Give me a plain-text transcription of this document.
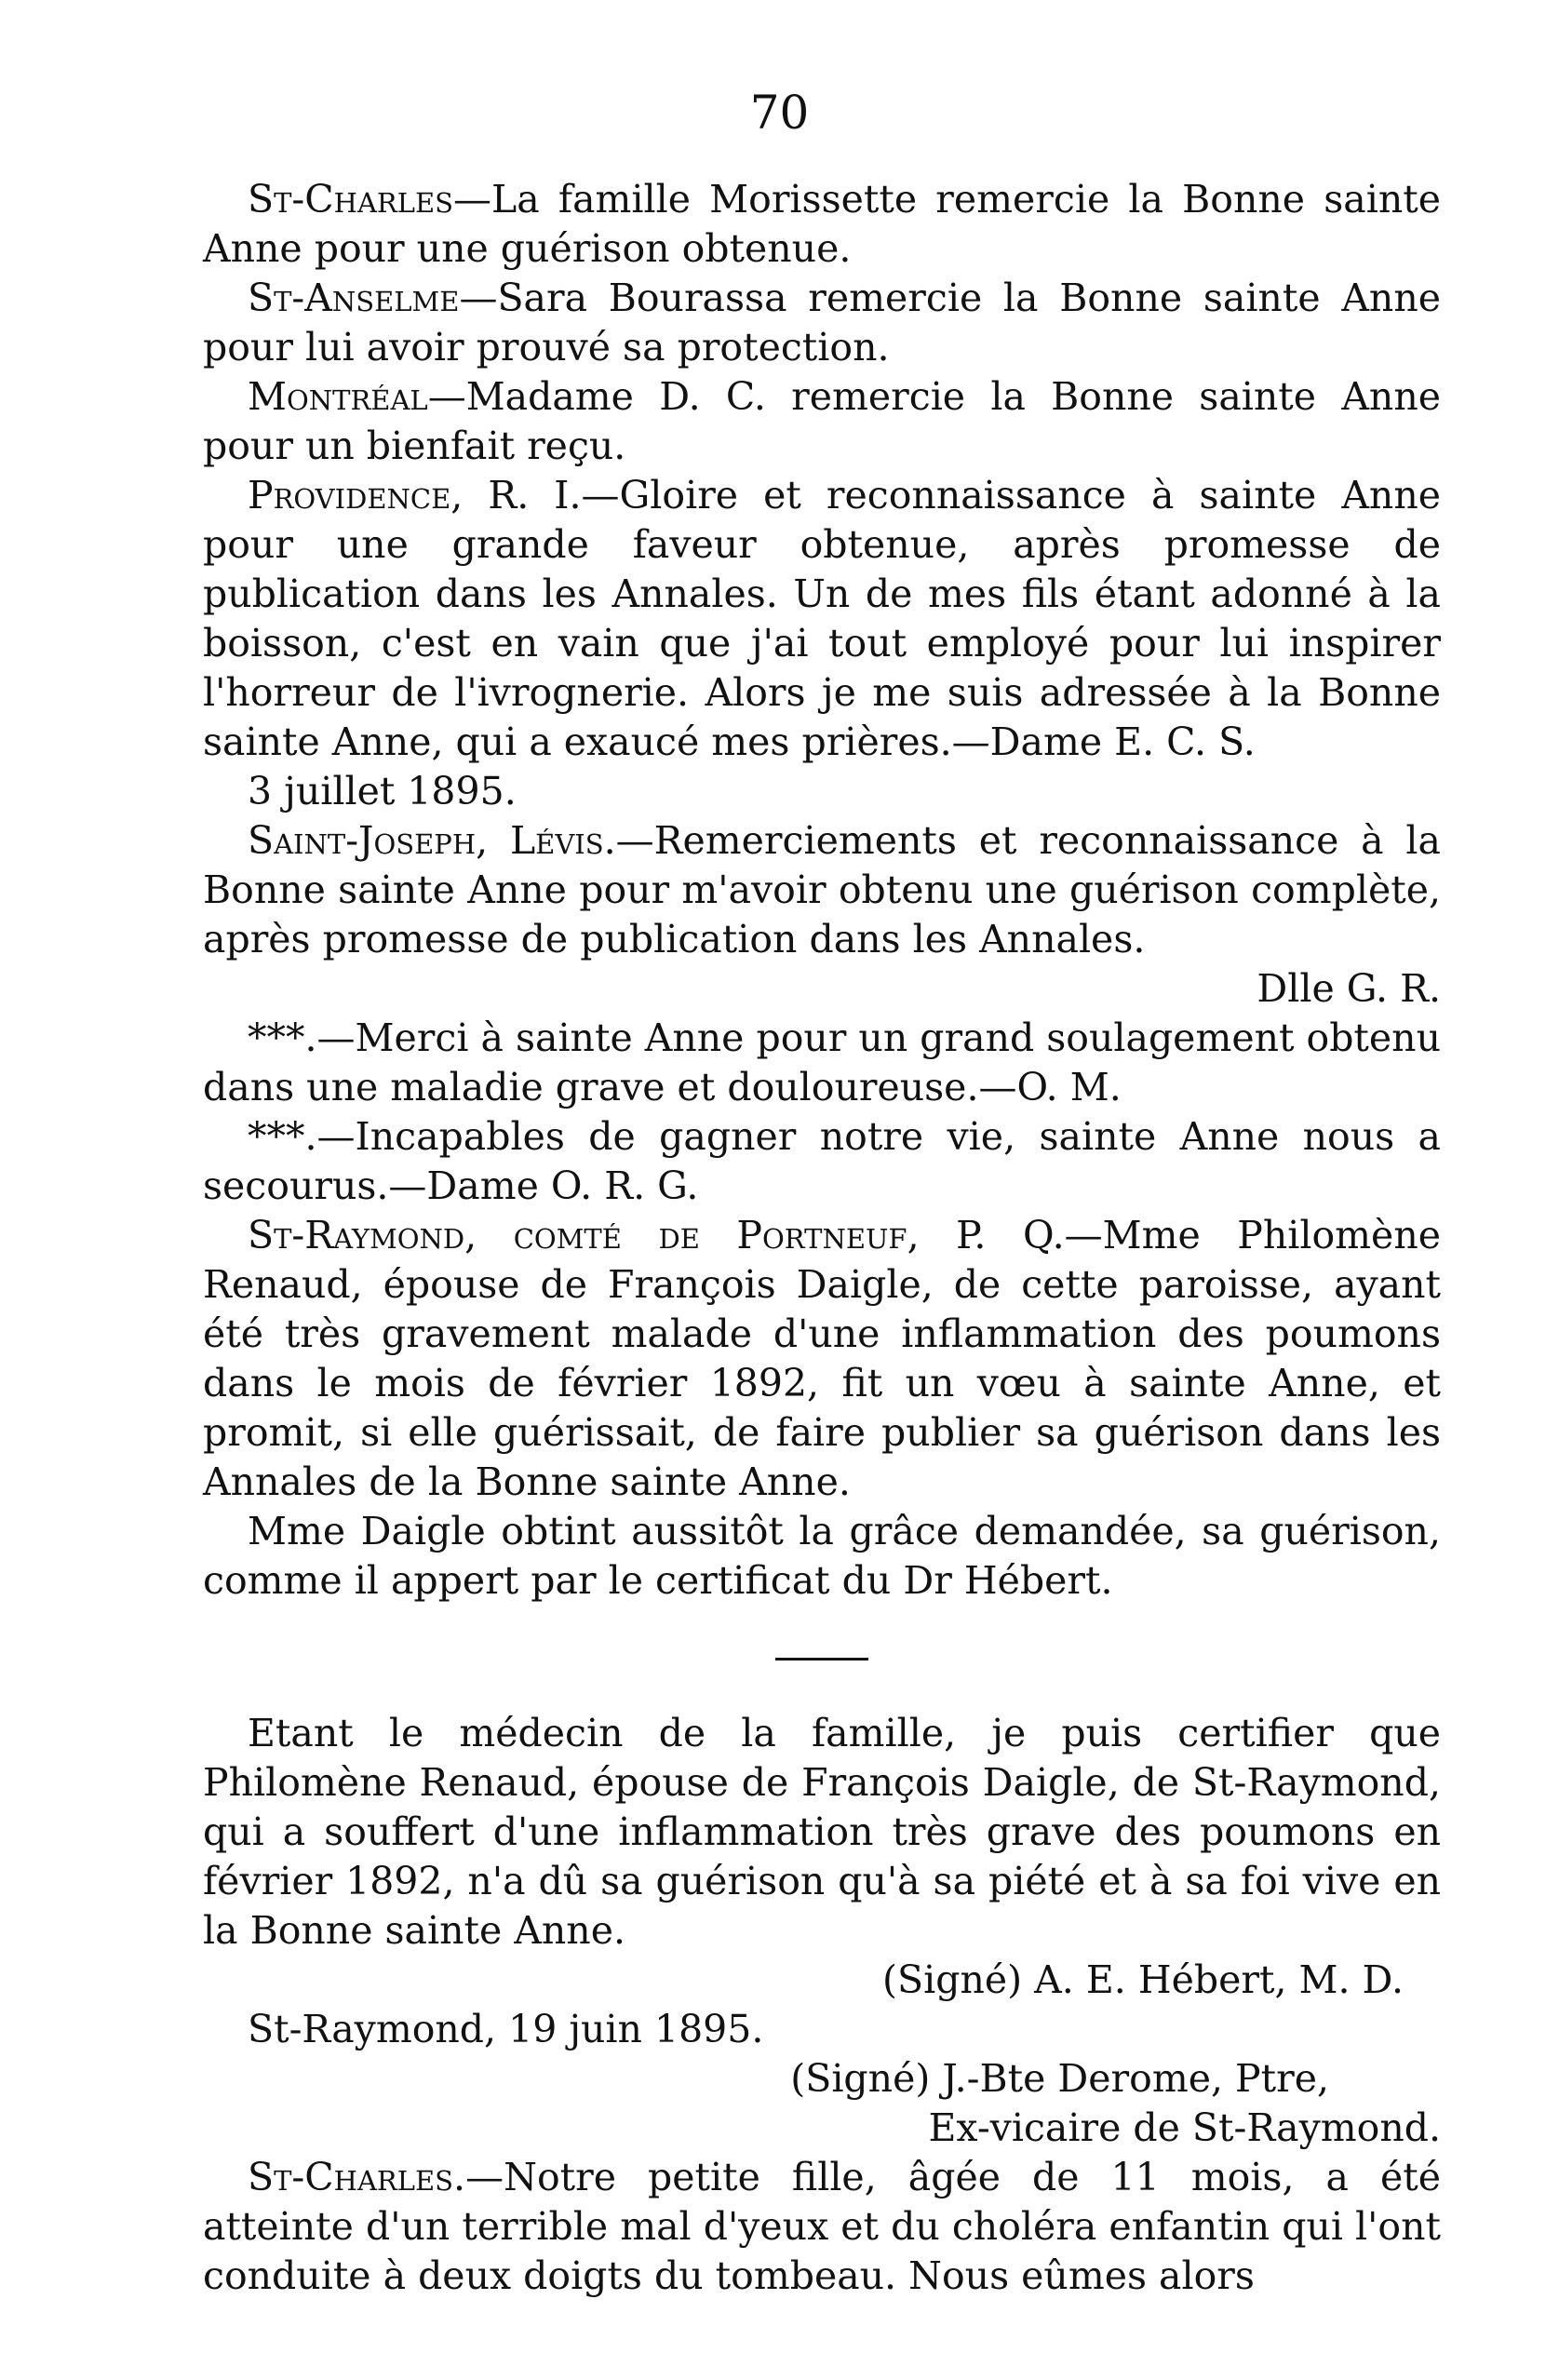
70

St-Charles—La famille Morissette remercie la Bonne sainte Anne pour une guérison obtenue.

St-Anselme—Sara Bourassa remercie la Bonne sainte Anne pour lui avoir prouvé sa protection.

Montréal—Madame D. C. remercie la Bonne sainte Anne pour un bienfait reçu.

Providence, R. I.—Gloire et reconnaissance à sainte Anne pour une grande faveur obtenue, après promesse de publication dans les Annales. Un de mes fils étant adonné à la boisson, c'est en vain que j'ai tout employé pour lui inspirer l'horreur de l'ivrognerie. Alors je me suis adressée à la Bonne sainte Anne, qui a exaucé mes prières.—Dame E. C. S.

3 juillet 1895.

Saint-Joseph, Lévis.—Remerciements et reconnaissance à la Bonne sainte Anne pour m'avoir obtenu une guérison complète, après promesse de publication dans les Annales.

Dlle G. R.

***.—Merci à sainte Anne pour un grand soulagement obtenu dans une maladie grave et douloureuse.—O. M.

***.—Incapables de gagner notre vie, sainte Anne nous a secourus.—Dame O. R. G.

St-Raymond, comté de Portneuf, P. Q.—Mme Philomène Renaud, épouse de François Daigle, de cette paroisse, ayant été très gravement malade d'une inflammation des poumons dans le mois de février 1892, fit un vœu à sainte Anne, et promit, si elle guérissait, de faire publier sa guérison dans les Annales de la Bonne sainte Anne.

Mme Daigle obtint aussitôt la grâce demandée, sa guérison, comme il appert par le certificat du Dr Hébert.

Etant le médecin de la famille, je puis certifier que Philomène Renaud, épouse de François Daigle, de St-Raymond, qui a souffert d'une inflammation très grave des poumons en février 1892, n'a dû sa guérison qu'à sa piété et à sa foi vive en la Bonne sainte Anne.

(Signé) A. E. Hébert, M. D.

St-Raymond, 19 juin 1895.

(Signé) J.-Bte Derome, Ptre,

Ex-vicaire de St-Raymond.

St-Charles.—Notre petite fille, âgée de 11 mois, a été atteinte d'un terrible mal d'yeux et du choléra enfantin qui l'ont conduite à deux doigts du tombeau. Nous eûmes alors
